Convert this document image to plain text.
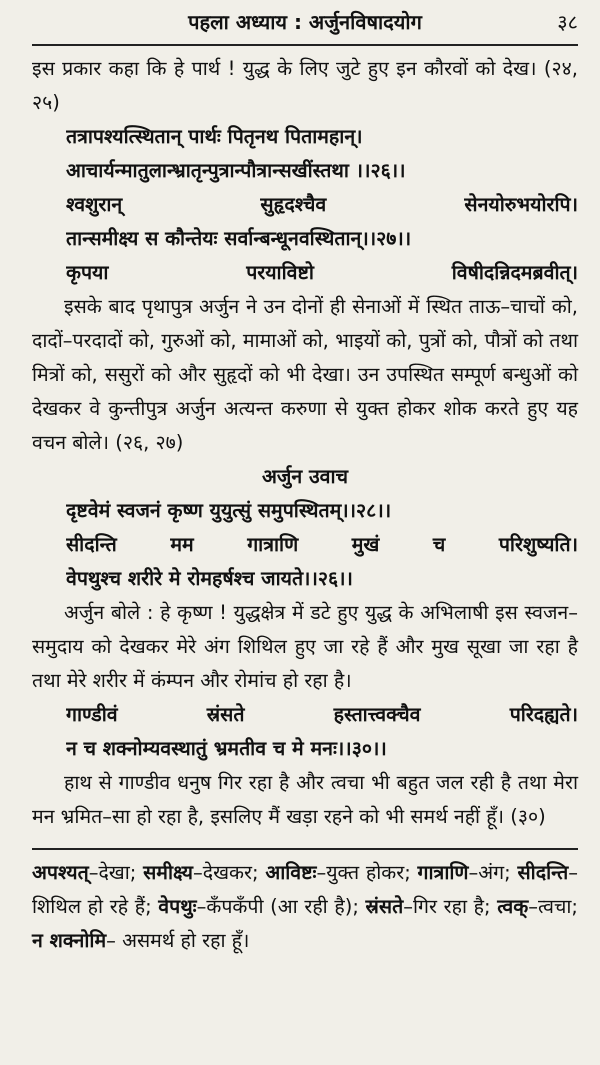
पहला अध्याय : अर्जुनविषादयोग	३८

इस प्रकार कहा कि हे पार्थ ! युद्ध के लिए जुटे हुए इन कौरवों को देख। (२४, २५)

तत्रापश्यत्स्थितान् पार्थः पितृनथ पितामहान्।
आचार्यन्मातुलान्भ्रातृन्पुत्रान्पौत्रान्सखींस्तथा ।।२६।।
श्वशुरान् सुहृदश्चैव सेनयोरुभयोरपि।
तान्समीक्ष्य स कौन्तेयः सर्वान्बन्धूनवस्थितान्।।२७।।
कृपया परयाविष्टो विषीदन्निदमब्रवीत्।

इसके बाद पृथापुत्र अर्जुन ने उन दोनों ही सेनाओं में स्थित ताऊ–चाचों को, दादों–परदादों को, गुरुओं को, मामाओं को, भाइयों को, पुत्रों को, पौत्रों को तथा मित्रों को, ससुरों को और सुहृदों को भी देखा। उन उपस्थित सम्पूर्ण बन्धुओं को देखकर वे कुन्तीपुत्र अर्जुन अत्यन्त करुणा से युक्त होकर शोक करते हुए यह वचन बोले। (२६, २७)

अर्जुन उवाच
दृष्टवेमं स्वजनं कृष्ण युयुत्सुं समुपस्थितम्।।२८।।
सीदन्ति मम गात्राणि मुखं च परिशुष्यति।
वेपथुश्च शरीरे मे रोमहर्षश्च जायते।।२६।।

अर्जुन बोले : हे कृष्ण ! युद्धक्षेत्र में डटे हुए युद्ध के अभिलाषी इस स्वजन–समुदाय को देखकर मेरे अंग शिथिल हुए जा रहे हैं और मुख सूखा जा रहा है तथा मेरे शरीर में कंम्पन और रोमांच हो रहा है।

गाण्डीवं स्रंसते हस्तात्त्वक्चैव परिदह्यते।
न च शक्नोम्यवस्थातुं भ्रमतीव च मे मनः।।३०।।

हाथ से गाण्डीव धनुष गिर रहा है और त्वचा भी बहुत जल रही है तथा मेरा मन भ्रमित–सा हो रहा है, इसलिए मैं खड़ा रहने को भी समर्थ नहीं हूँ। (३०)

अपश्यत्–देखा; समीक्ष्य–देखकर; आविष्टः–युक्त होकर; गात्राणि–अंग; सीदन्ति–शिथिल हो रहे हैं; वेपथुः–कँपकँपी (आ रही है); स्रंसते–गिर रहा है; त्वक्–त्वचा; न शक्नोमि– असमर्थ हो रहा हूँ।
